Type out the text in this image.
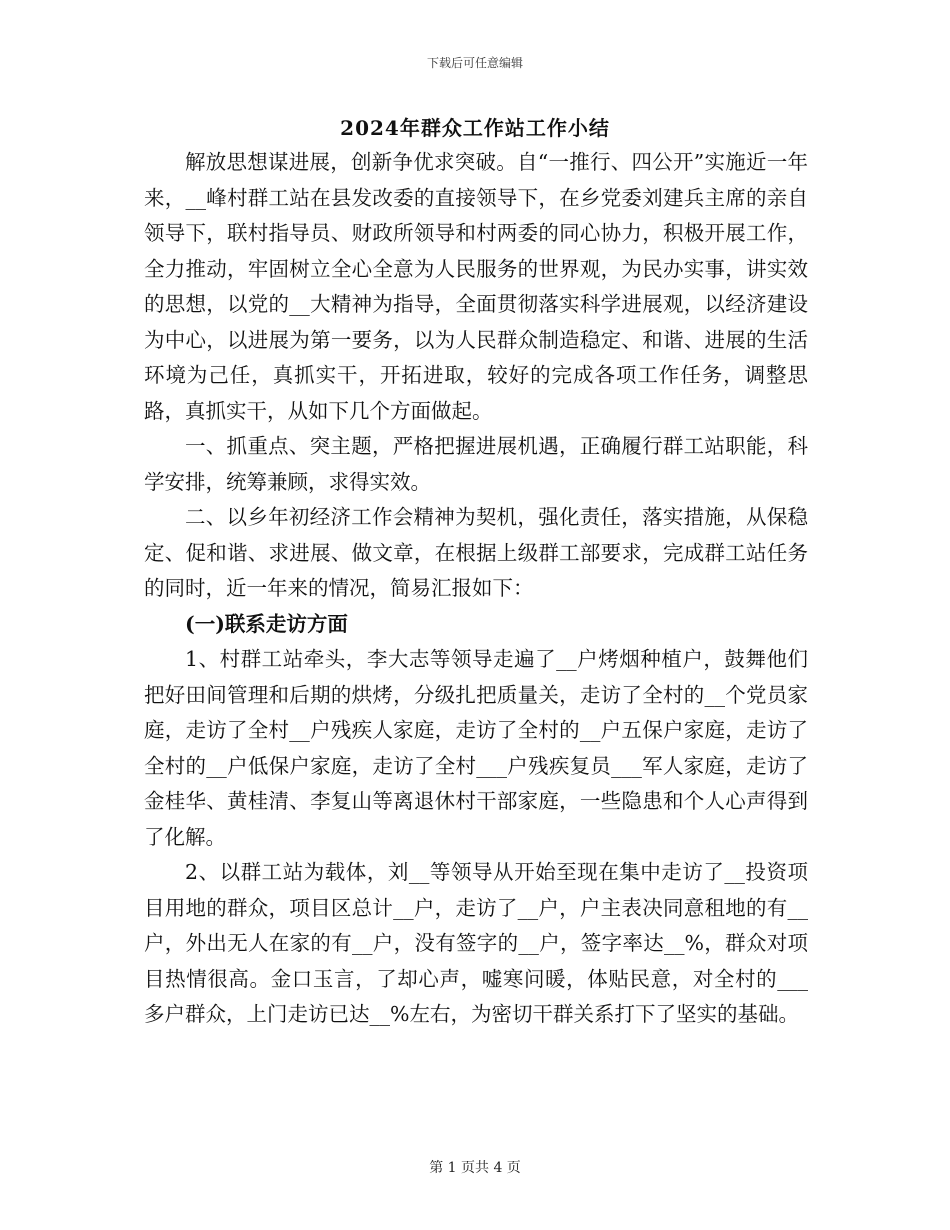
下载后可任意编辑
2024年群众工作站工作小结

解放思想谋进展，创新争优求突破。自“一推行、四公开”实施近一年来，__峰村群工站在县发改委的直接领导下，在乡党委刘建兵主席的亲自领导下，联村指导员、财政所领导和村两委的同心协力，积极开展工作，全力推动，牢固树立全心全意为人民服务的世界观，为民办实事，讲实效的思想，以党的__大精神为指导，全面贯彻落实科学进展观，以经济建设为中心，以进展为第一要务，以为人民群众制造稳定、和谐、进展的生活环境为己任，真抓实干，开拓进取，较好的完成各项工作任务，调整思路，真抓实干，从如下几个方面做起。

一、抓重点、突主题，严格把握进展机遇，正确履行群工站职能，科学安排，统筹兼顾，求得实效。

二、以乡年初经济工作会精神为契机，强化责任，落实措施，从保稳定、促和谐、求进展、做文章，在根据上级群工部要求，完成群工站任务的同时，近一年来的情况，简易汇报如下：

(一)联系走访方面

1、村群工站牵头，李大志等领导走遍了__户烤烟种植户，鼓舞他们把好田间管理和后期的烘烤，分级扎把质量关，走访了全村的__个党员家庭，走访了全村__户残疾人家庭，走访了全村的__户五保户家庭，走访了全村的__户低保户家庭，走访了全村___户残疾复员___军人家庭，走访了金桂华、黄桂清、李复山等离退休村干部家庭，一些隐患和个人心声得到了化解。

2、以群工站为载体，刘__等领导从开始至现在集中走访了__投资项目用地的群众，项目区总计__户，走访了__户，户主表决同意租地的有__户，外出无人在家的有__户，没有签字的__户，签字率达__%，群众对项目热情很高。金口玉言，了却心声，嘘寒问暖，体贴民意，对全村的___多户群众，上门走访已达__%左右，为密切干群关系打下了坚实的基础。

第 1 页共 4 页
